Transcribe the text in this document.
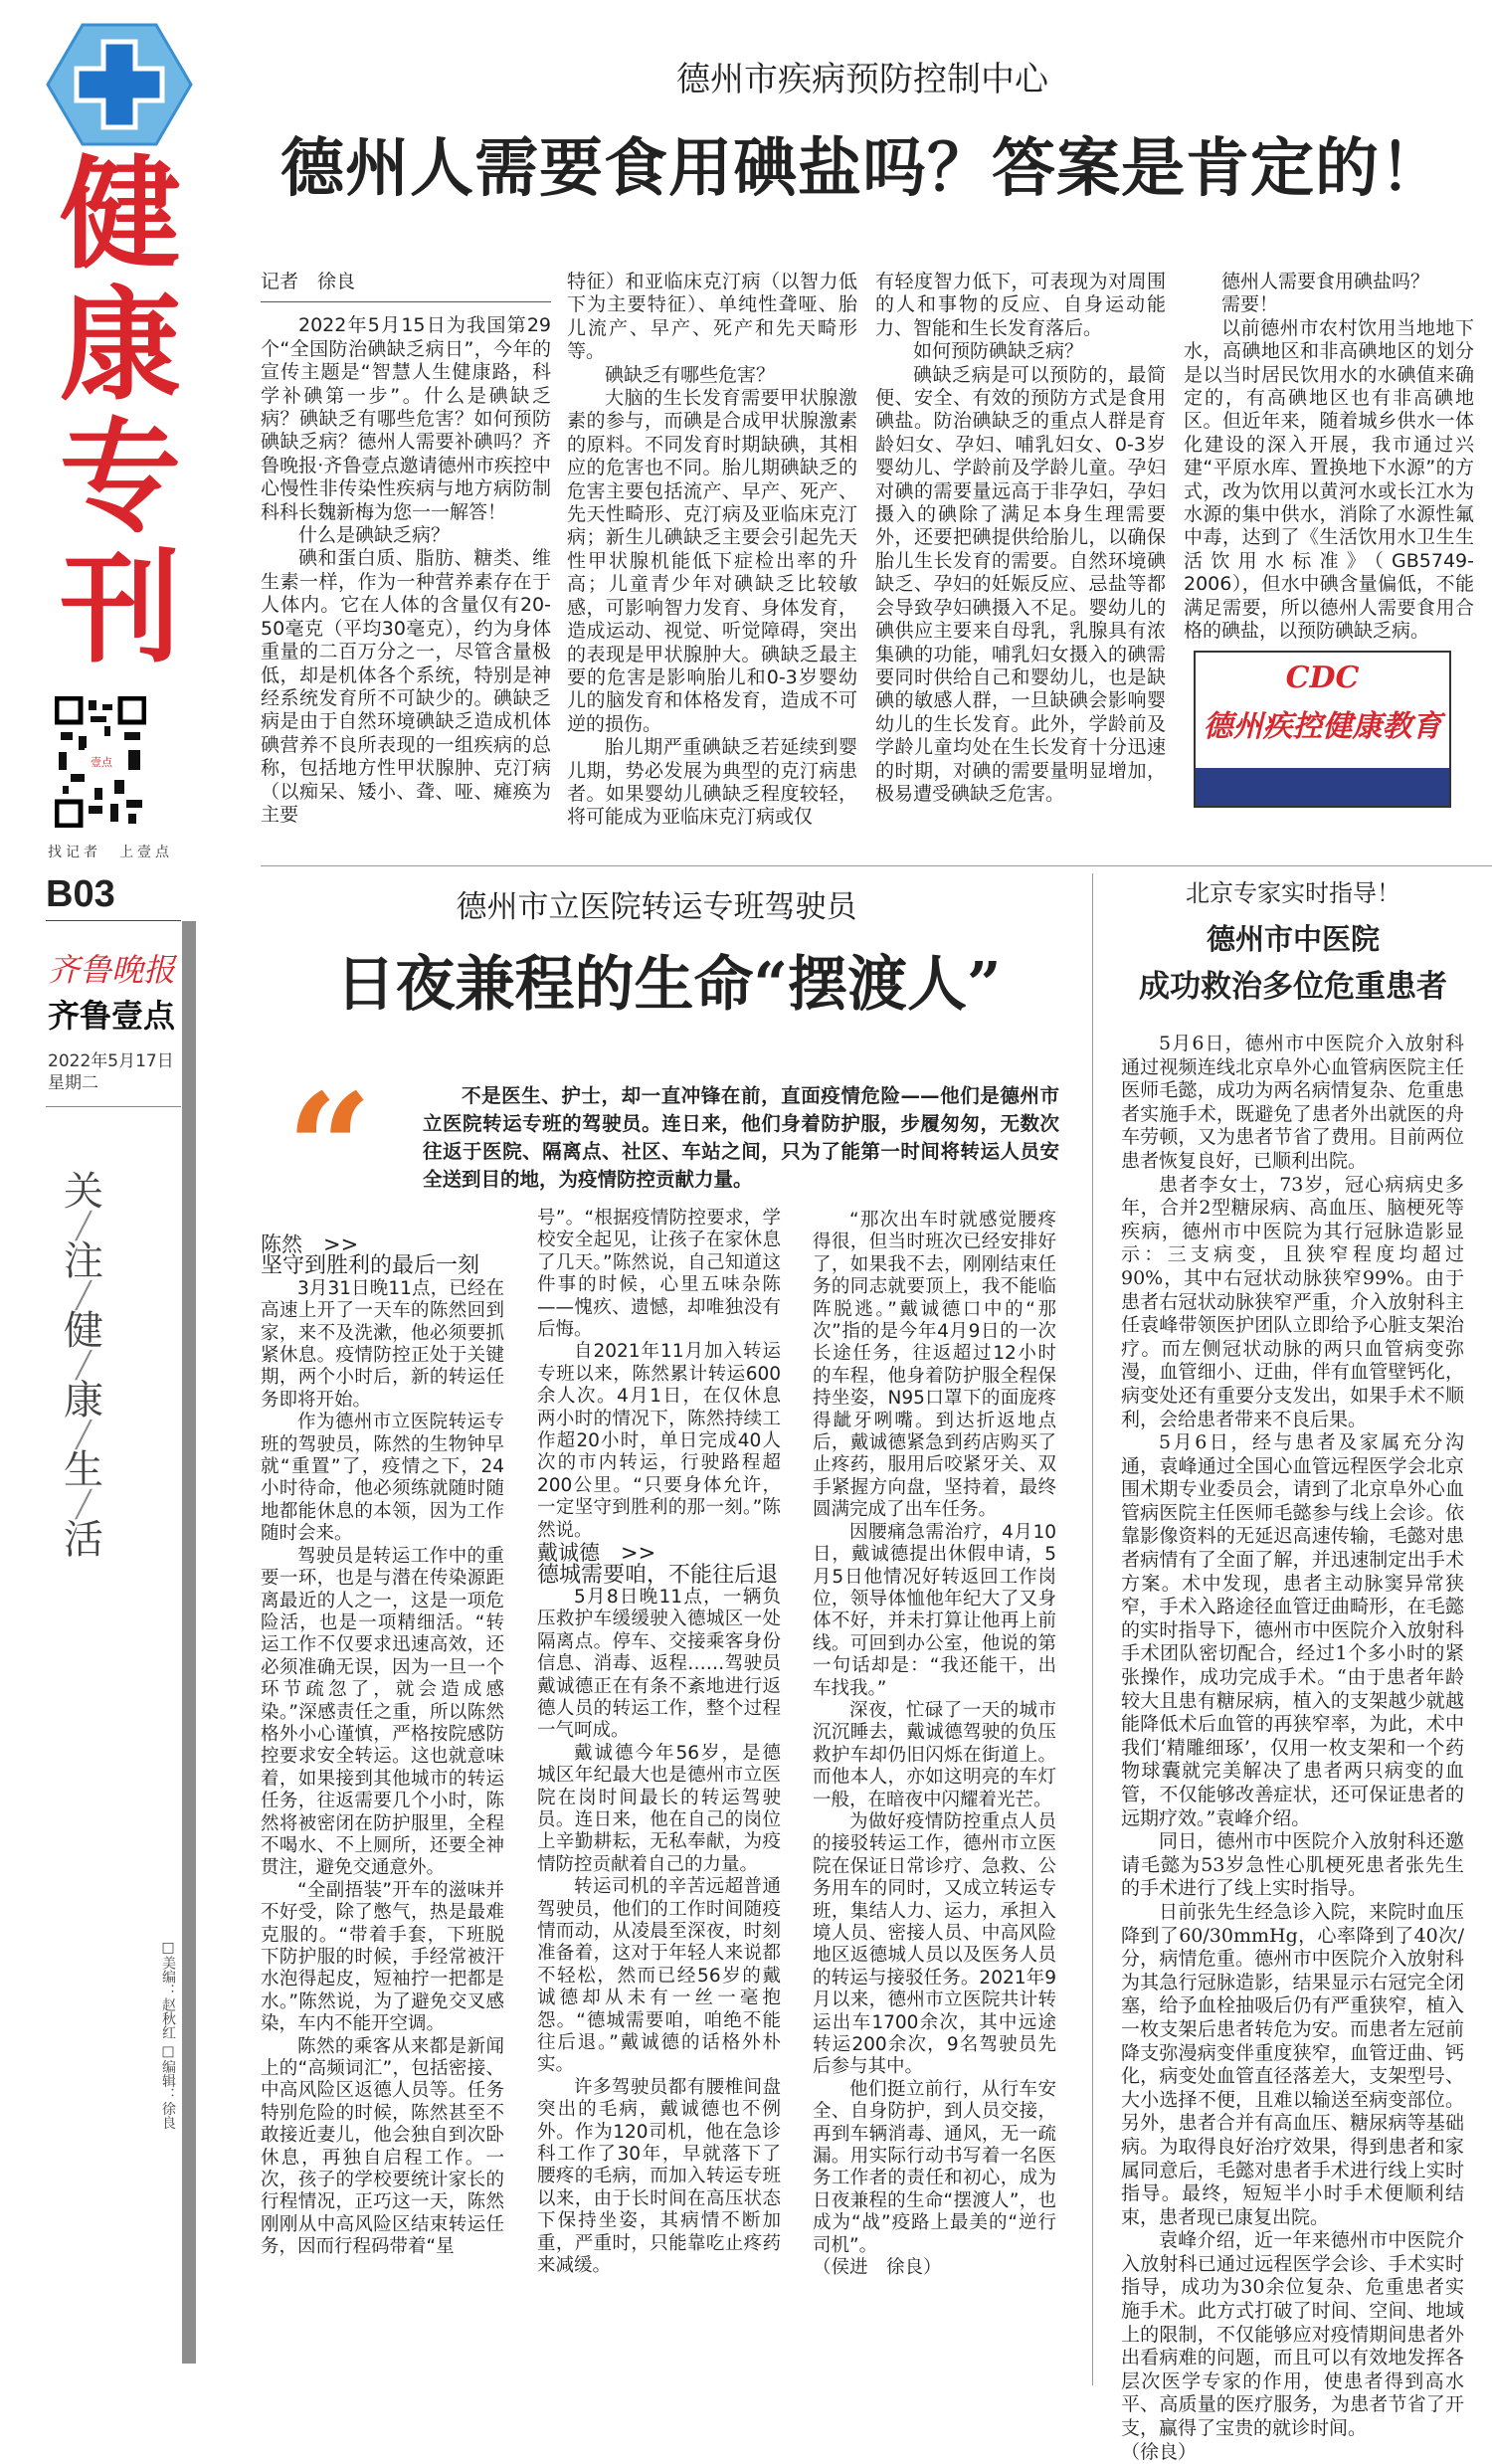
健康专刊
壹点
找记者　上壹点
B03
齐鲁晚报
齐鲁壹点
2022年5月17日
星期二
关
╱
注
╱
健
╱
康
╱
生
╱
活
□美编：赵秋红 □编辑：徐良
德州市疾病预防控制中心
德州人需要食用碘盐吗？答案是肯定的！
记者　徐良

2022年5月15日为我国第29个“全国防治碘缺乏病日”，今年的宣传主题是“智慧人生健康路，科学补碘第一步”。什么是碘缺乏病？碘缺乏有哪些危害？如何预防碘缺乏病？德州人需要补碘吗？齐鲁晚报·齐鲁壹点邀请德州市疾控中心慢性非传染性疾病与地方病防制科科长魏新梅为您一一解答！

什么是碘缺乏病？

碘和蛋白质、脂肪、糖类、维生素一样，作为一种营养素存在于人体内。它在人体的含量仅有20-50毫克（平均30毫克），约为身体重量的二百万分之一，尽管含量极低，却是机体各个系统，特别是神经系统发育所不可缺少的。碘缺乏病是由于自然环境碘缺乏造成机体碘营养不良所表现的一组疾病的总称，包括地方性甲状腺肿、克汀病（以痴呆、矮小、聋、哑、瘫痪为主要

特征）和亚临床克汀病（以智力低下为主要特征）、单纯性聋哑、胎儿流产、早产、死产和先天畸形等。

碘缺乏有哪些危害？

大脑的生长发育需要甲状腺激素的参与，而碘是合成甲状腺激素的原料。不同发育时期缺碘，其相应的危害也不同。胎儿期碘缺乏的危害主要包括流产、早产、死产、先天性畸形、克汀病及亚临床克汀病；新生儿碘缺乏主要会引起先天性甲状腺机能低下症检出率的升高；儿童青少年对碘缺乏比较敏感，可影响智力发育、身体发育，造成运动、视觉、听觉障碍，突出的表现是甲状腺肿大。碘缺乏最主要的危害是影响胎儿和0-3岁婴幼儿的脑发育和体格发育，造成不可逆的损伤。

胎儿期严重碘缺乏若延续到婴儿期，势必发展为典型的克汀病患者。如果婴幼儿碘缺乏程度较轻，将可能成为亚临床克汀病或仅

有轻度智力低下，可表现为对周围的人和事物的反应、自身运动能力、智能和生长发育落后。

如何预防碘缺乏病？

碘缺乏病是可以预防的，最简便、安全、有效的预防方式是食用碘盐。防治碘缺乏的重点人群是育龄妇女、孕妇、哺乳妇女、0-3岁婴幼儿、学龄前及学龄儿童。孕妇对碘的需要量远高于非孕妇，孕妇摄入的碘除了满足本身生理需要外，还要把碘提供给胎儿，以确保胎儿生长发育的需要。自然环境碘缺乏、孕妇的妊娠反应、忌盐等都会导致孕妇碘摄入不足。婴幼儿的碘供应主要来自母乳，乳腺具有浓集碘的功能，哺乳妇女摄入的碘需要同时供给自己和婴幼儿，也是缺碘的敏感人群，一旦缺碘会影响婴幼儿的生长发育。此外，学龄前及学龄儿童均处在生长发育十分迅速的时期，对碘的需要量明显增加，极易遭受碘缺乏危害。

德州人需要食用碘盐吗？

需要！

以前德州市农村饮用当地地下水，高碘地区和非高碘地区的划分是以当时居民饮用水的水碘值来确定的，有高碘地区也有非高碘地区。但近年来，随着城乡供水一体化建设的深入开展，我市通过兴建“平原水库、置换地下水源”的方式，改为饮用以黄河水或长江水为水源的集中供水，消除了水源性氟中毒，达到了《生活饮用水卫生生活饮用水标准》（GB5749-2006），但水中碘含量偏低，不能满足需要，所以德州人需要食用合格的碘盐，以预防碘缺乏病。

CDC
德州疾控健康教育
德州市立医院转运专班驾驶员
日夜兼程的生命“摆渡人”
“	不是医生、护士，却一直冲锋在前，直面疫情危险——他们是德州市立医院转运专班的驾驶员。连日来，他们身着防护服，步履匆匆，无数次往返于医院、隔离点、社区、车站之间，只为了能第一时间将转运人员安全送到目的地，为疫情防控贡献力量。

陈然　>>

坚守到胜利的最后一刻

3月31日晚11点，已经在高速上开了一天车的陈然回到家，来不及洗漱，他必须要抓紧休息。疫情防控正处于关键期，两个小时后，新的转运任务即将开始。

作为德州市立医院转运专班的驾驶员，陈然的生物钟早就“重置”了，疫情之下，24小时待命，他必须练就随时随地都能休息的本领，因为工作随时会来。

驾驶员是转运工作中的重要一环，也是与潜在传染源距离最近的人之一，这是一项危险活，也是一项精细活。“转运工作不仅要求迅速高效，还必须准确无误，因为一旦一个环节疏忽了，就会造成感染。”深感责任之重，所以陈然格外小心谨慎，严格按院感防控要求安全转运。这也就意味着，如果接到其他城市的转运任务，往返需要几个小时，陈然将被密闭在防护服里，全程不喝水、不上厕所，还要全神贯注，避免交通意外。

“全副捂装”开车的滋味并不好受，除了憋气，热是最难克服的。“带着手套，下班脱下防护服的时候，手经常被汗水泡得起皮，短袖拧一把都是水。”陈然说，为了避免交叉感染，车内不能开空调。

陈然的乘客从来都是新闻上的“高频词汇”，包括密接、中高风险区返德人员等。任务特别危险的时候，陈然甚至不敢接近妻儿，他会独自到次卧休息，再独自启程工作。一次，孩子的学校要统计家长的行程情况，正巧这一天，陈然刚刚从中高风险区结束转运任务，因而行程码带着“星

号”。“根据疫情防控要求，学校安全起见，让孩子在家休息了几天。”陈然说，自己知道这件事的时候，心里五味杂陈——愧疚、遗憾，却唯独没有后悔。

自2021年11月加入转运专班以来，陈然累计转运600余人次。4月1日，在仅休息两小时的情况下，陈然持续工作超20小时，单日完成40人次的市内转运，行驶路程超200公里。“只要身体允许，一定坚守到胜利的那一刻。”陈然说。

戴诚德　>>

德城需要咱，不能往后退

5月8日晚11点，一辆负压救护车缓缓驶入德城区一处隔离点。停车、交接乘客身份信息、消毒、返程……驾驶员戴诚德正在有条不紊地进行返德人员的转运工作，整个过程一气呵成。

戴诚德今年56岁，是德城区年纪最大也是德州市立医院在岗时间最长的转运驾驶员。连日来，他在自己的岗位上辛勤耕耘，无私奉献，为疫情防控贡献着自己的力量。

转运司机的辛苦远超普通驾驶员，他们的工作时间随疫情而动，从凌晨至深夜，时刻准备着，这对于年轻人来说都不轻松，然而已经56岁的戴诚德却从未有一丝一毫抱怨。“德城需要咱，咱绝不能往后退。”戴诚德的话格外朴实。

许多驾驶员都有腰椎间盘突出的毛病，戴诚德也不例外。作为120司机，他在急诊科工作了30年，早就落下了腰疼的毛病，而加入转运专班以来，由于长时间在高压状态下保持坐姿，其病情不断加重，严重时，只能靠吃止疼药来减缓。

“那次出车时就感觉腰疼得很，但当时班次已经安排好了，如果我不去，刚刚结束任务的同志就要顶上，我不能临阵脱逃。”戴诚德口中的“那次”指的是今年4月9日的一次长途任务，往返超过12小时的车程，他身着防护服全程保持坐姿，N95口罩下的面庞疼得龇牙咧嘴。到达折返地点后，戴诚德紧急到药店购买了止疼药，服用后咬紧牙关、双手紧握方向盘，坚持着，最终圆满完成了出车任务。

因腰痛急需治疗，4月10日，戴诚德提出休假申请，5月5日他情况好转返回工作岗位，领导体恤他年纪大了又身体不好，并未打算让他再上前线。可回到办公室，他说的第一句话却是：“我还能干，出车找我。”

深夜，忙碌了一天的城市沉沉睡去，戴诚德驾驶的负压救护车却仍旧闪烁在街道上。而他本人，亦如这明亮的车灯一般，在暗夜中闪耀着光芒。

为做好疫情防控重点人员的接驳转运工作，德州市立医院在保证日常诊疗、急救、公务用车的同时，又成立转运专班，集结人力、运力，承担入境人员、密接人员、中高风险地区返德城人员以及医务人员的转运与接驳任务。2021年9月以来，德州市立医院共计转运出车1700余次，其中远途转运200余次，9名驾驶员先后参与其中。

他们挺立前行，从行车安全、自身防护，到人员交接，再到车辆消毒、通风，无一疏漏。用实际行动书写着一名医务工作者的责任和初心，成为日夜兼程的生命“摆渡人”，也成为“战”疫路上最美的“逆行司机”。

（侯进　徐良）

北京专家实时指导！
德州市中医院
成功救治多位危重患者

5月6日，德州市中医院介入放射科通过视频连线北京阜外心血管病医院主任医师毛懿，成功为两名病情复杂、危重患者实施手术，既避免了患者外出就医的舟车劳顿，又为患者节省了费用。目前两位患者恢复良好，已顺利出院。

患者李女士，73岁，冠心病病史多年，合并2型糖尿病、高血压、脑梗死等疾病，德州市中医院为其行冠脉造影显示：三支病变，且狭窄程度均超过90%，其中右冠状动脉狭窄99%。由于患者右冠状动脉狭窄严重，介入放射科主任袁峰带领医护团队立即给予心脏支架治疗。而左侧冠状动脉的两只血管病变弥漫，血管细小、迂曲，伴有血管壁钙化，病变处还有重要分支发出，如果手术不顺利，会给患者带来不良后果。

5月6日，经与患者及家属充分沟通，袁峰通过全国心血管远程医学会北京围术期专业委员会，请到了北京阜外心血管病医院主任医师毛懿参与线上会诊。依靠影像资料的无延迟高速传输，毛懿对患者病情有了全面了解，并迅速制定出手术方案。术中发现，患者主动脉窦异常狭窄，手术入路途径血管迂曲畸形，在毛懿的实时指导下，德州市中医院介入放射科手术团队密切配合，经过1个多小时的紧张操作，成功完成手术。“由于患者年龄较大且患有糖尿病，植入的支架越少就越能降低术后血管的再狭窄率，为此，术中我们‘精雕细琢’，仅用一枚支架和一个药物球囊就完美解决了患者两只病变的血管，不仅能够改善症状，还可保证患者的远期疗效。”袁峰介绍。

同日，德州市中医院介入放射科还邀请毛懿为53岁急性心肌梗死患者张先生的手术进行了线上实时指导。

日前张先生经急诊入院，来院时血压降到了60/30mmHg，心率降到了40次/分，病情危重。德州市中医院介入放射科为其急行冠脉造影，结果显示右冠完全闭塞，给予血栓抽吸后仍有严重狭窄，植入一枚支架后患者转危为安。而患者左冠前降支弥漫病变伴重度狭窄，血管迂曲、钙化，病变处血管直径落差大，支架型号、大小选择不便，且难以输送至病变部位。另外，患者合并有高血压、糖尿病等基础病。为取得良好治疗效果，得到患者和家属同意后，毛懿对患者手术进行线上实时指导。最终，短短半小时手术便顺利结束，患者现已康复出院。

袁峰介绍，近一年来德州市中医院介入放射科已通过远程医学会诊、手术实时指导，成功为30余位复杂、危重患者实施手术。此方式打破了时间、空间、地域上的限制，不仅能够应对疫情期间患者外出看病难的问题，而且可以有效地发挥各层次医学专家的作用，使患者得到高水平、高质量的医疗服务，为患者节省了开支，赢得了宝贵的就诊时间。

（徐良）
